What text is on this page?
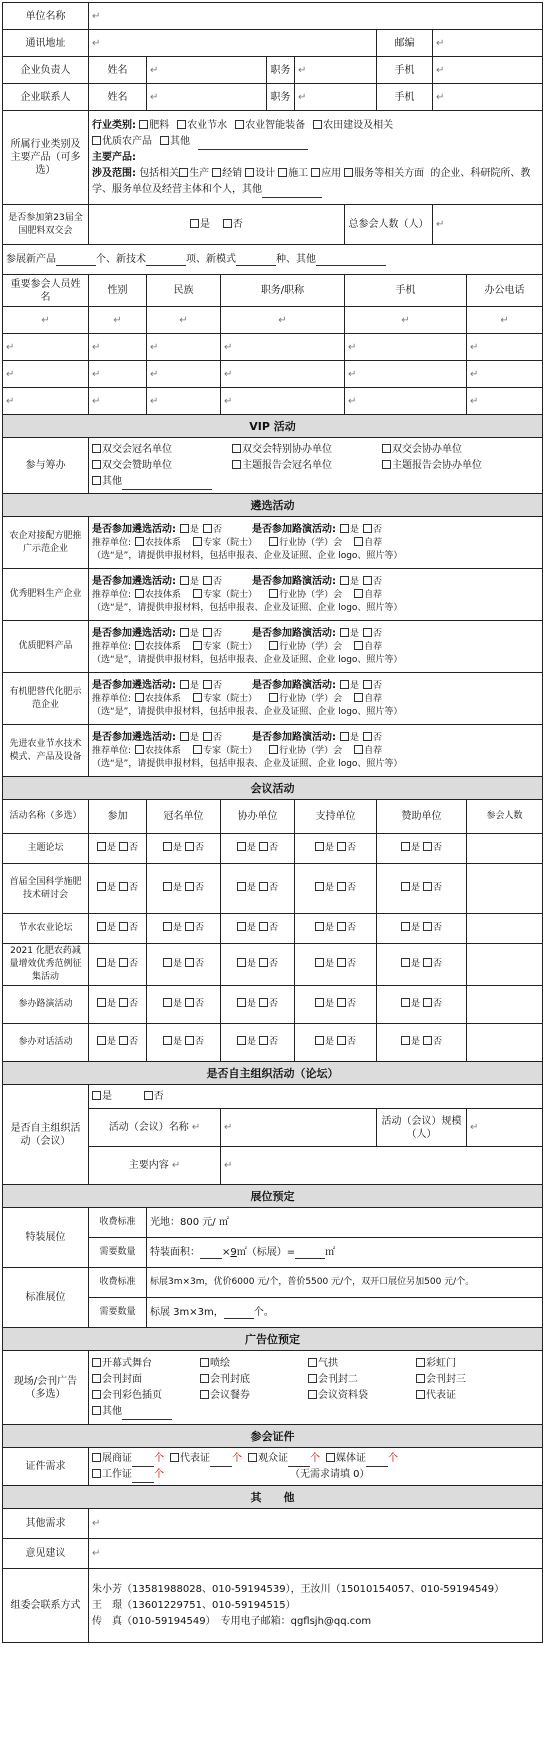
单位名称	↵								
通讯地址	↵						邮编	↵	
企业负责人	姓名	↵		职务	↵		手机	↵	
企业联系人	姓名	↵		职务	↵		手机	↵	
所属行业类别及主要产品（可多选）	行业类别: 肥料 农业节水 农业智能装备 农田建设及相关
优质农产品 其他
主要产品:
涉及范围: 包括相关 生产 经销 设计 施工 应用 服务等相关方面 的企业、科研院所、教学、服务单位及经营主体和个人，其他								
是否参加第23届全国肥料双交会	是 否					总参会人数（人）		↵	
参展新产品 个、新技术 项、新模式 种、其他									
重要参会人员姓名	性别	民族	职务/职称			手机			办公电话
↵	↵	↵	↵			↵			↵
↵	↵	↵	↵			↵			↵
↵	↵	↵	↵			↵			↵
↵	↵	↵	↵			↵			↵
VIP 活动									
参与筹办	双交会冠名单位 双交会特别协办单位 双交会协办单位
双交会赞助单位 主题报告会冠名单位 主题报告会协办单位
其他								
遴选活动									
农企对接配方肥推广示范企业	是否参加遴选活动: 是 否 是否参加路演活动: 是 否
推荐单位: 农技体系 专家（院士） 行业协（学）会 自荐
（选“是”，请提供申报材料，包括申报表、企业及证照、企业 logo、照片等）								

优秀肥料生产企业	是否参加遴选活动: 是 否 是否参加路演活动: 是 否
推荐单位: 农技体系 专家（院士） 行业协（学）会 自荐
（选“是”，请提供申报材料，包括申报表、企业及证照、企业 logo、照片等）								

优质肥料产品	是否参加遴选活动: 是 否 是否参加路演活动: 是 否
推荐单位: 农技体系 专家（院士） 行业协（学）会 自荐
（选“是”，请提供申报材料，包括申报表、企业及证照、企业 logo、照片等）								

有机肥替代化肥示范企业	是否参加遴选活动: 是 否 是否参加路演活动: 是 否
推荐单位: 农技体系 专家（院士） 行业协（学）会 自荐
（选“是”，请提供申报材料，包括申报表、企业及证照、企业 logo、照片等）								

先进农业节水技术模式、产品及设备	是否参加遴选活动: 是 否 是否参加路演活动: 是 否
推荐单位: 农技体系 专家（院士） 行业协（学）会 自荐
（选“是”，请提供申报材料，包括申报表、企业及证照、企业 logo、照片等）								

会议活动									
活动名称（多选）	参加	冠名单位	协办单位		支持单位		赞助单位		参会人数
主题论坛	是 否	是 否	是 否		是 否		是 否		
首届全国科学施肥技术研讨会	是 否	是 否	是 否		是 否		是 否		
节水农业论坛	是 否	是 否	是 否		是 否		是 否		
2021 化肥农药减量增效优秀范例征集活动	是 否	是 否	是 否		是 否		是 否		
参办路演活动	是 否	是 否	是 否		是 否		是 否		
参办对话活动	是 否	是 否	是 否		是 否		是 否		
是否自主组织活动（论坛）									
是否自主组织活动（会议）	是 否								
	活动（会议）名称 ↵		↵				活动（会议）规模（人）		↵
	主要内容 ↵		↵						
展位预定									
特装展位	收费标准	光地：800 元/ ㎡							
	需要数量	特装面积： ×9㎡（标展）= ㎡							
标准展位	收费标准	标展3m×3m，优价6000 元/个，普价5500 元/个，双开口展位另加500 元/个。							
	需要数量	标展 3m×3m， 个。							
广告位预定									
现场/会刊广告（多选）	开幕式舞台 喷绘 气拱 彩虹门
会刊封面 会刊封底 会刊封二 会刊封三
会刊彩色插页 会议餐券 会议资料袋 代表证
其他								
参会证件									
证件需求	展商证 个 代表证 个 观众证 个 媒体证 个
工作证 个 （无需求请填 0）								
其　　他									
其他需求	↵								
意见建议	↵								
组委会联系方式	朱小芳（13581988028、010-59194539），王汝川（15010154057、010-59194549）
王　璟（13601229751、010-59194515）
传　真（010-59194549）　专用电子邮箱：qgflsjh@qq.com								
